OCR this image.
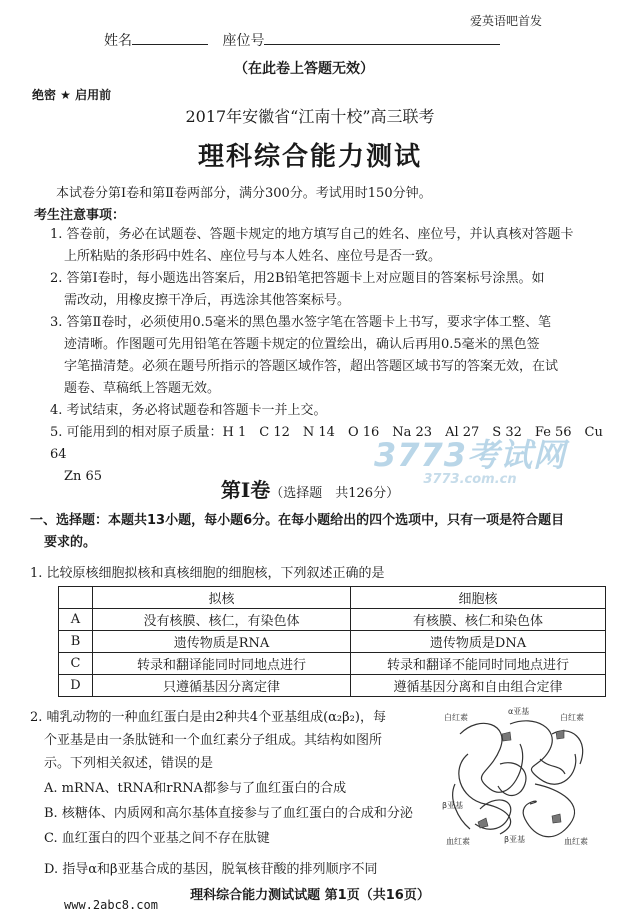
爱英语吧首发
姓名	座位号
（在此卷上答题无效）
绝密 ★ 启用前
2017年安徽省“江南十校”高三联考
理科综合能力测试
本试卷分第Ⅰ卷和第Ⅱ卷两部分，满分300分。考试用时150分钟。
考生注意事项：
1. 答卷前，务必在试题卷、答题卡规定的地方填写自己的姓名、座位号，并认真核对答题卡
上所粘贴的条形码中姓名、座位号与本人姓名、座位号是否一致。
2. 答第Ⅰ卷时，每小题选出答案后，用2B铅笔把答题卡上对应题目的答案标号涂黑。如
需改动，用橡皮擦干净后，再选涂其他答案标号。
3. 答第Ⅱ卷时，必须使用0.5毫米的黑色墨水签字笔在答题卡上书写，要求字体工整、笔
迹清晰。作图题可先用铅笔在答题卡规定的位置绘出，确认后再用0.5毫米的黑色签
字笔描清楚。必须在题号所指示的答题区域作答，超出答题区域书写的答案无效，在试
题卷、草稿纸上答题无效。
4. 考试结束，务必将试题卷和答题卡一并上交。
5. 可能用到的相对原子质量：H 1　C 12　N 14　O 16　Na 23　Al 27　S 32　Fe 56　Cu 64
Zn 65
3773考试网
3773.com.cn
第Ⅰ卷（选择题　共126分）
一、选择题：本题共13小题，每小题6分。在每小题给出的四个选项中，只有一项是符合题目
要求的。
1. 比较原核细胞拟核和真核细胞的细胞核，下列叙述正确的是
	拟核	细胞核
A	没有核膜、核仁，有染色体	有核膜、核仁和染色体
B	遗传物质是RNA	遗传物质是DNA
C	转录和翻译能同时同地点进行	转录和翻译不能同时同地点进行
D	只遵循基因分离定律	遵循基因分离和自由组合定律
2. 哺乳动物的一种血红蛋白是由2种共4个亚基组成(α₂β₂)，每
个亚基是由一条肽链和一个血红素分子组成。其结构如图所
示。下列相关叙述，错误的是
A. mRNA、tRNA和rRNA都参与了血红蛋白的合成
B. 核糖体、内质网和高尔基体直接参与了血红蛋白的合成和分泌
C. 血红蛋白的四个亚基之间不存在肽键
D. 指导α和β亚基合成的基因，脱氧核苷酸的排列顺序不同
白红素
α亚基
白红素
β亚基
血红素	β亚基	血红素
理科综合能力测试试题 第1页（共16页）
www.2abc8.com
